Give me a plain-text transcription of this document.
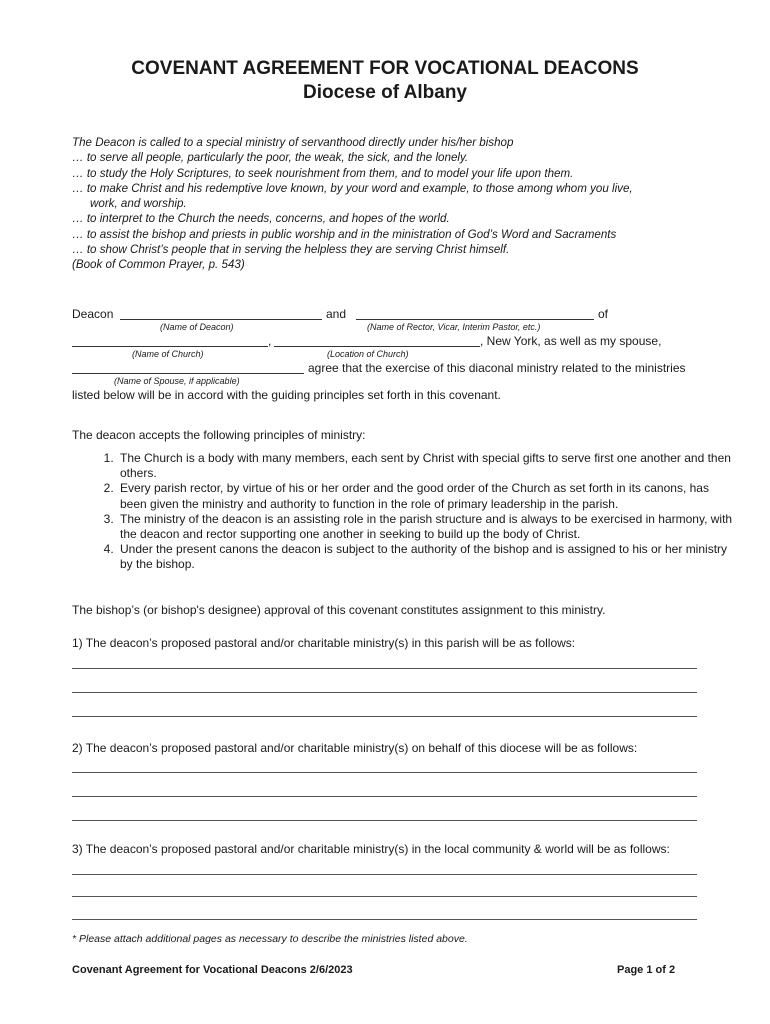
COVENANT AGREEMENT FOR VOCATIONAL DEACONS
Diocese of Albany
The Deacon is called to a special ministry of servanthood directly under his/her bishop
… to serve all people, particularly the poor, the weak, the sick, and the lonely.
… to study the Holy Scriptures, to seek nourishment from them, and to model your life upon them.
… to make Christ and his redemptive love known, by your word and example, to those among whom you live,
work, and worship.
… to interpret to the Church the needs, concerns, and hopes of the world.
… to assist the bishop and priests in public worship and in the ministration of God’s Word and Sacraments
… to show Christ’s people that in serving the helpless they are serving Christ himself.
(Book of Common Prayer, p. 543)
Deacon	and	of
(Name of Deacon)	(Name of Rector, Vicar, Interim Pastor, etc.)
,	, New York, as well as my spouse,
(Name of Church)	(Location of Church)
agree that the exercise of this diaconal ministry related to the ministries
(Name of Spouse, if applicable)
listed below will be in accord with the guiding principles set forth in this covenant.
The deacon accepts the following principles of ministry:
1. The Church is a body with many members, each sent by Christ with special gifts to serve first one another and then others.
2. Every parish rector, by virtue of his or her order and the good order of the Church as set forth in its canons, has been given the ministry and authority to function in the role of primary leadership in the parish.
3. The ministry of the deacon is an assisting role in the parish structure and is always to be exercised in harmony, with the deacon and rector supporting one another in seeking to build up the body of Christ.
4. Under the present canons the deacon is subject to the authority of the bishop and is assigned to his or her ministry by the bishop.
The bishop’s (or bishop's designee) approval of this covenant constitutes assignment to this ministry.
1) The deacon’s proposed pastoral and/or charitable ministry(s) in this parish will be as follows:
2) The deacon’s proposed pastoral and/or charitable ministry(s) on behalf of this diocese will be as follows:
3) The deacon’s proposed pastoral and/or charitable ministry(s) in the local community & world will be as follows:
* Please attach additional pages as necessary to describe the ministries listed above.
Covenant Agreement for Vocational Deacons 2/6/2023	Page 1 of 2
